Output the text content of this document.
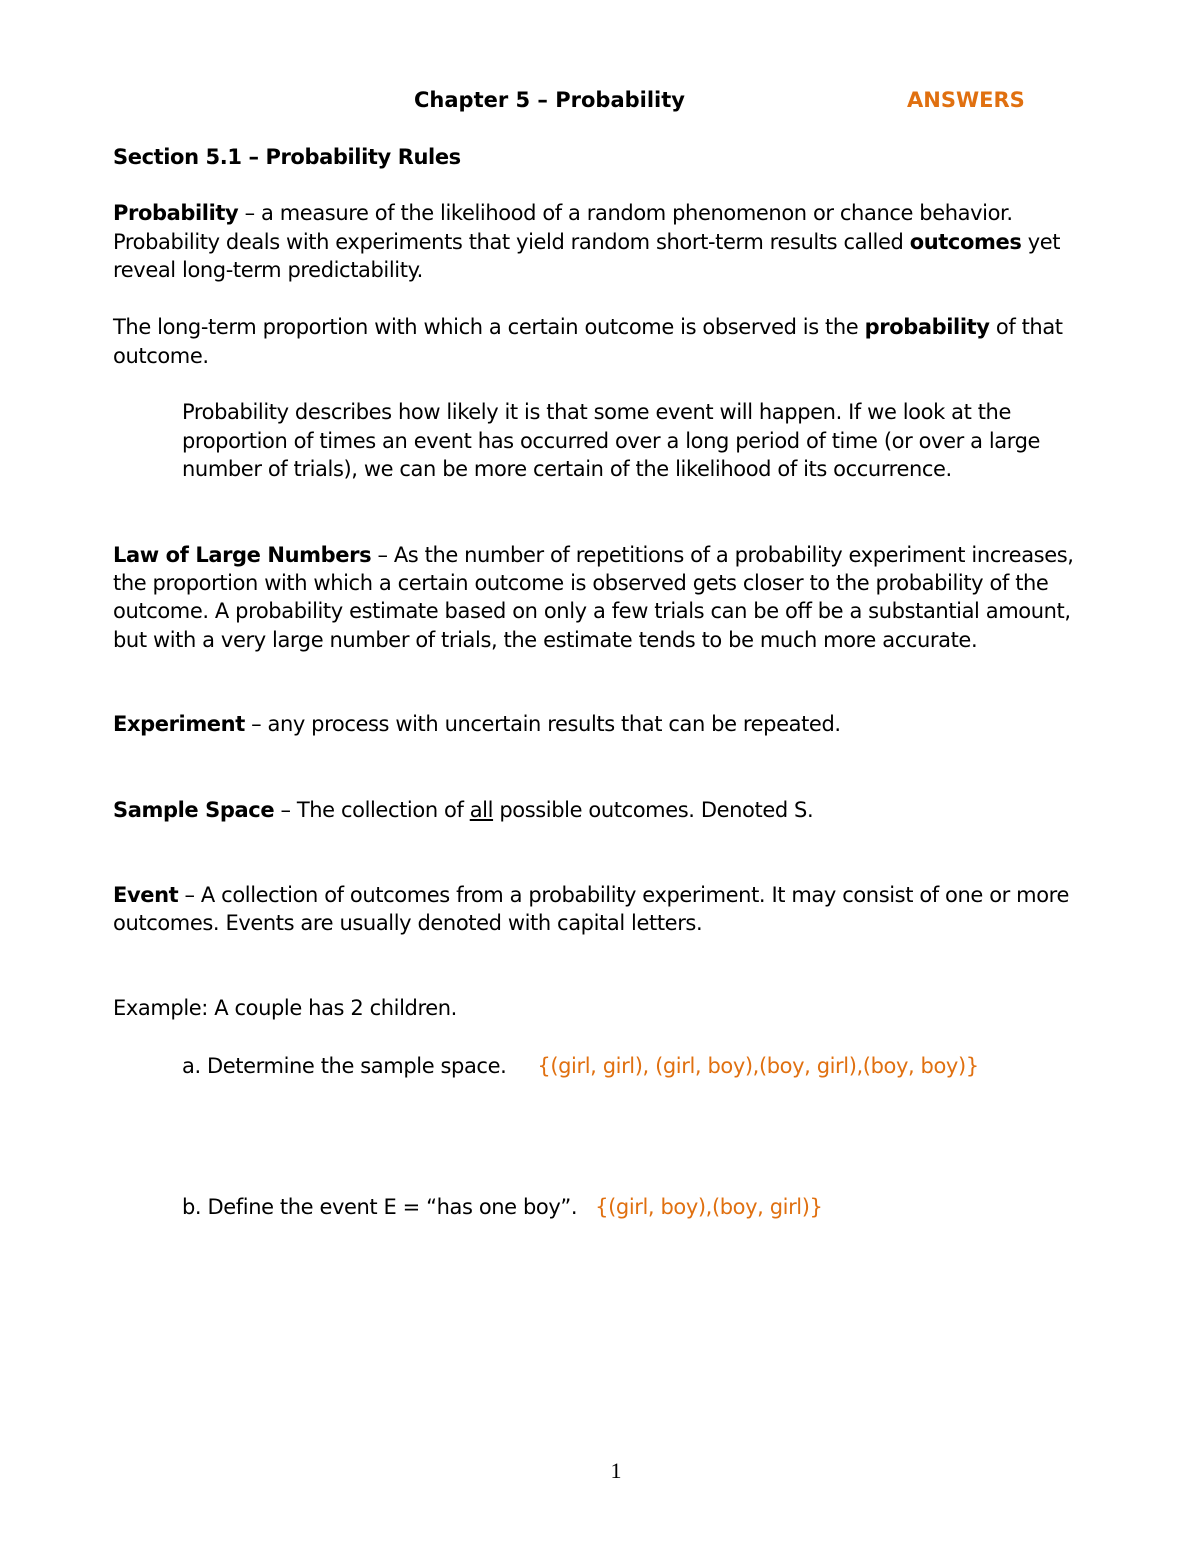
Chapter 5 – Probability	ANSWERS
Section 5.1 – Probability Rules
Probability – a measure of the likelihood of a random phenomenon or chance behavior.
Probability deals with experiments that yield random short-term results called outcomes yet
reveal long-term predictability.
The long-term proportion with which a certain outcome is observed is the probability of that
outcome.
Probability describes how likely it is that some event will happen. If we look at the
proportion of times an event has occurred over a long period of time (or over a large
number of trials), we can be more certain of the likelihood of its occurrence.
Law of Large Numbers – As the number of repetitions of a probability experiment increases,
the proportion with which a certain outcome is observed gets closer to the probability of the
outcome. A probability estimate based on only a few trials can be off be a substantial amount,
but with a very large number of trials, the estimate tends to be much more accurate.
Experiment – any process with uncertain results that can be repeated.
Sample Space – The collection of all possible outcomes. Denoted S.
Event – A collection of outcomes from a probability experiment. It may consist of one or more
outcomes. Events are usually denoted with capital letters.
Example: A couple has 2 children.
a. Determine the sample space. {(girl, girl), (girl, boy),(boy, girl),(boy, boy)}
b. Define the event E = “has one boy”. {(girl, boy),(boy, girl)}
1
